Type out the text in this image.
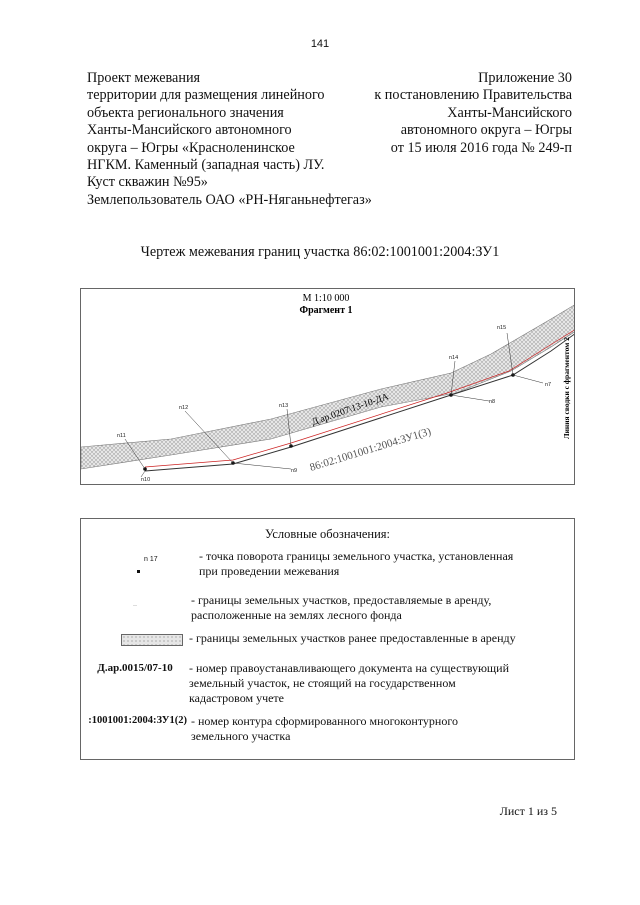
141
Проект межевания
территории для размещения линейного
объекта регионального значения
Ханты-Мансийского автономного
округа – Югры «Красноленинское
НГКМ. Каменный (западная часть) ЛУ.
Куст скважин №95»
Землепользователь ОАО «РН-Няганьнефтегаз»
Приложение 30
к постановлению Правительства
Ханты-Мансийского
автономного округа – Югры
от 15 июля 2016 года № 249-п
Чертеж межевания границ участка 86:02:1001001:2004:ЗУ1
М 1:10 000
Фрагмент 1
n11
n10
n9
n12	n13
n14
n8
n15
n7
Д.ар.0207\13-10-ДА
86:02:1001001:2004:ЗУ1(3)
Линия сводки с фрагментом 2
Условные обозначения:
n 17	- точка поворота границы земельного участка, установленная
при проведении межевания
- границы земельных участков, предоставляемые в аренду,
расположенные на землях лесного фонда
- границы земельных участков ранее предоставленные в аренду
Д.ар.0015/07-10	- номер правоустанавливающего документа на существующий
земельный участок, не стоящий на государственном
кадастровом учете
:1001001:2004:ЗУ1(2) - номер контура сформированного многоконтурного
земельного участка
Лист 1 из 5
